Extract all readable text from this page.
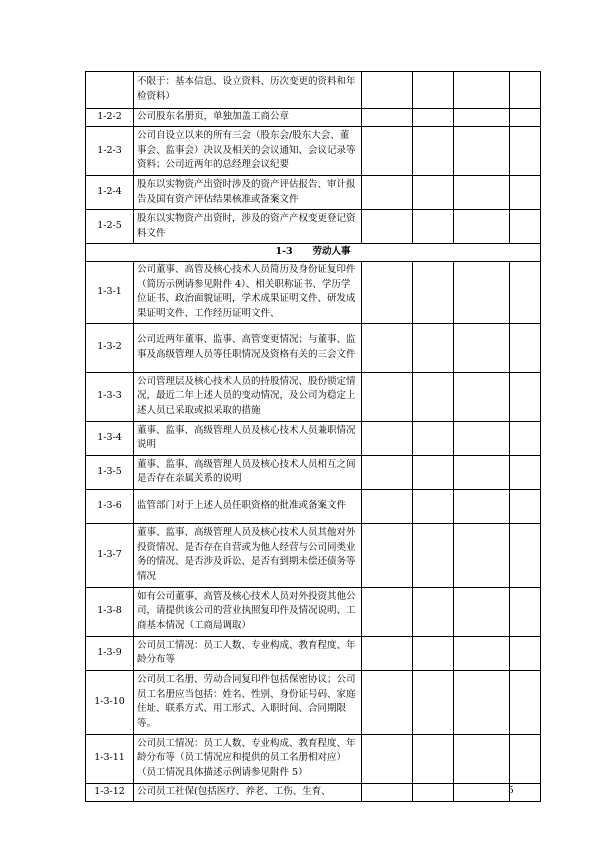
	不限于：基本信息、设立资料、历次变更的资料和年检资料）				
1-2-2	公司股东名册页，单独加盖工商公章				
1-2-3	公司自设立以来的所有三会（股东会/股东大会、董事会、监事会）决议及相关的会议通知、会议记录等资料；公司近两年的总经理会议纪要				
1-2-4	股东以实物资产出资时涉及的资产评估报告、审计报告及国有资产评估结果核准或备案文件				
1-2-5	股东以实物资产出资时，涉及的资产产权变更登记资料文件				
1-3 劳动人事					
1-3-1	公司董事、高管及核心技术人员简历及身份证复印件（简历示例请参见附件 4）、相关职称证书、学历学位证书、政治面貌证明，学术成果证明文件、研发成果证明文件、工作经历证明文件、				
1-3-2	公司近两年董事、监事、高管变更情况；与董事、监事及高级管理人员等任职情况及资格有关的三会文件				
1-3-3	公司管理层及核心技术人员的持股情况、股份锁定情况，最近二年上述人员的变动情况，及公司为稳定上述人员已采取或拟采取的措施				
1-3-4	董事、监事、高级管理人员及核心技术人员兼职情况说明				
1-3-5	董事、监事、高级管理人员及核心技术人员相互之间是否存在亲属关系的说明				
1-3-6	监管部门对于上述人员任职资格的批准或备案文件				
1-3-7	董事、监事、高级管理人员及核心技术人员其他对外投资情况、是否存在自营或为他人经营与公司同类业务的情况、是否涉及诉讼、是否有到期未偿还债务等情况				
1-3-8	如有公司董事、高管及核心技术人员对外投资其他公司，请提供该公司的营业执照复印件及情况说明、工商基本情况（工商局调取）				
1-3-9	公司员工情况：员工人数、专业构成、教育程度、年龄分布等				
1-3-10	公司员工名册、劳动合同复印件包括保密协议；公司员工名册应当包括：姓名、性别、身份证号码、家庭住址、联系方式、用工形式、入职时间、合同期限等。				
1-3-11	公司员工情况：员工人数、专业构成、教育程度、年龄分布等（员工情况应和提供的员工名册相对应）（员工情况具体描述示例请参见附件 5）				
1-3-12	公司员工社保(包括医疗、养老、工伤、生育、					5
